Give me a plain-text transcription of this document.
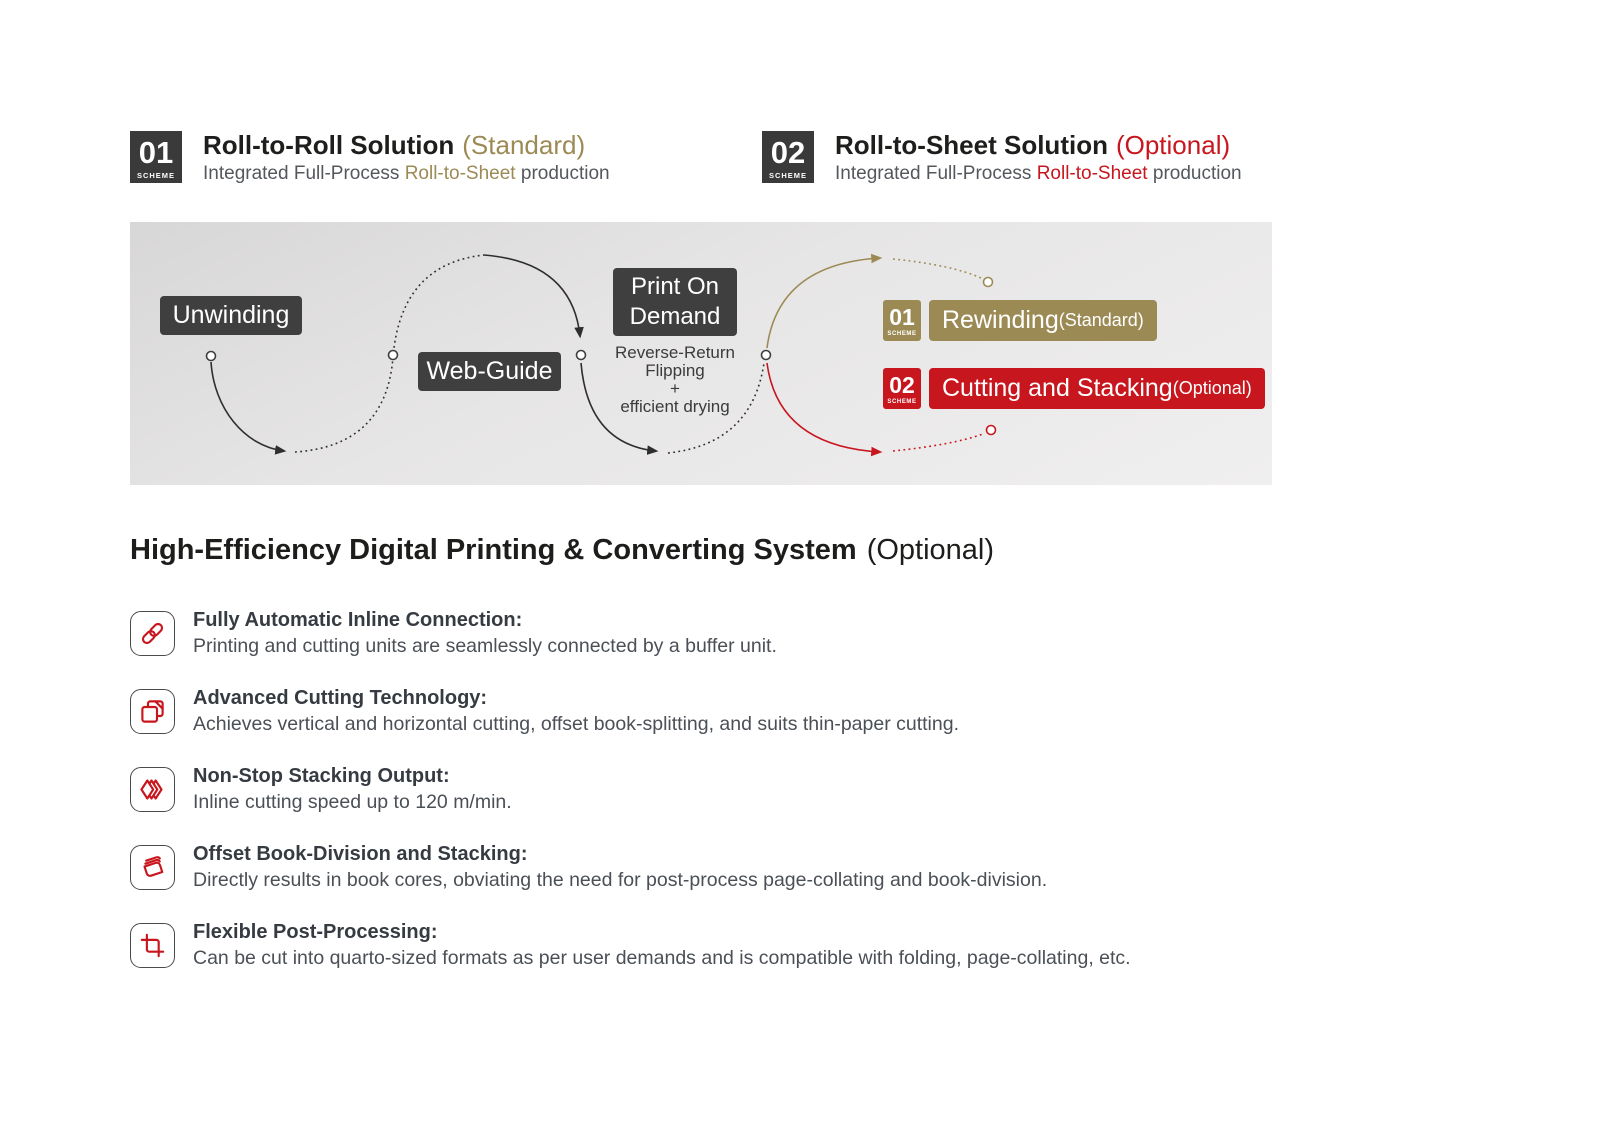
01
SCHEME
Roll-to-Roll Solution (Standard)
Integrated Full-Process Roll-to-Sheet production
02
SCHEME
Roll-to-Sheet Solution (Optional)
Integrated Full-Process Roll-to-Sheet production
Unwinding
Web-Guide
Print On
Demand
Reverse-Return
Flipping
+
efficient drying
01
SCHEME Rewinding (Standard)
02
SCHEME Cutting and Stacking (Optional)
High-Efficiency Digital Printing & Converting System (Optional)
Fully Automatic Inline Connection:
Printing and cutting units are seamlessly connected by a buffer unit.
Advanced Cutting Technology:
Achieves vertical and horizontal cutting, offset book-splitting, and suits thin-paper cutting.
Non-Stop Stacking Output:
Inline cutting speed up to 120 m/min.
Offset Book-Division and Stacking:
Directly results in book cores, obviating the need for post-process page-collating and book-division.
Flexible Post-Processing:
Can be cut into quarto-sized formats as per user demands and is compatible with folding, page-collating, etc.
